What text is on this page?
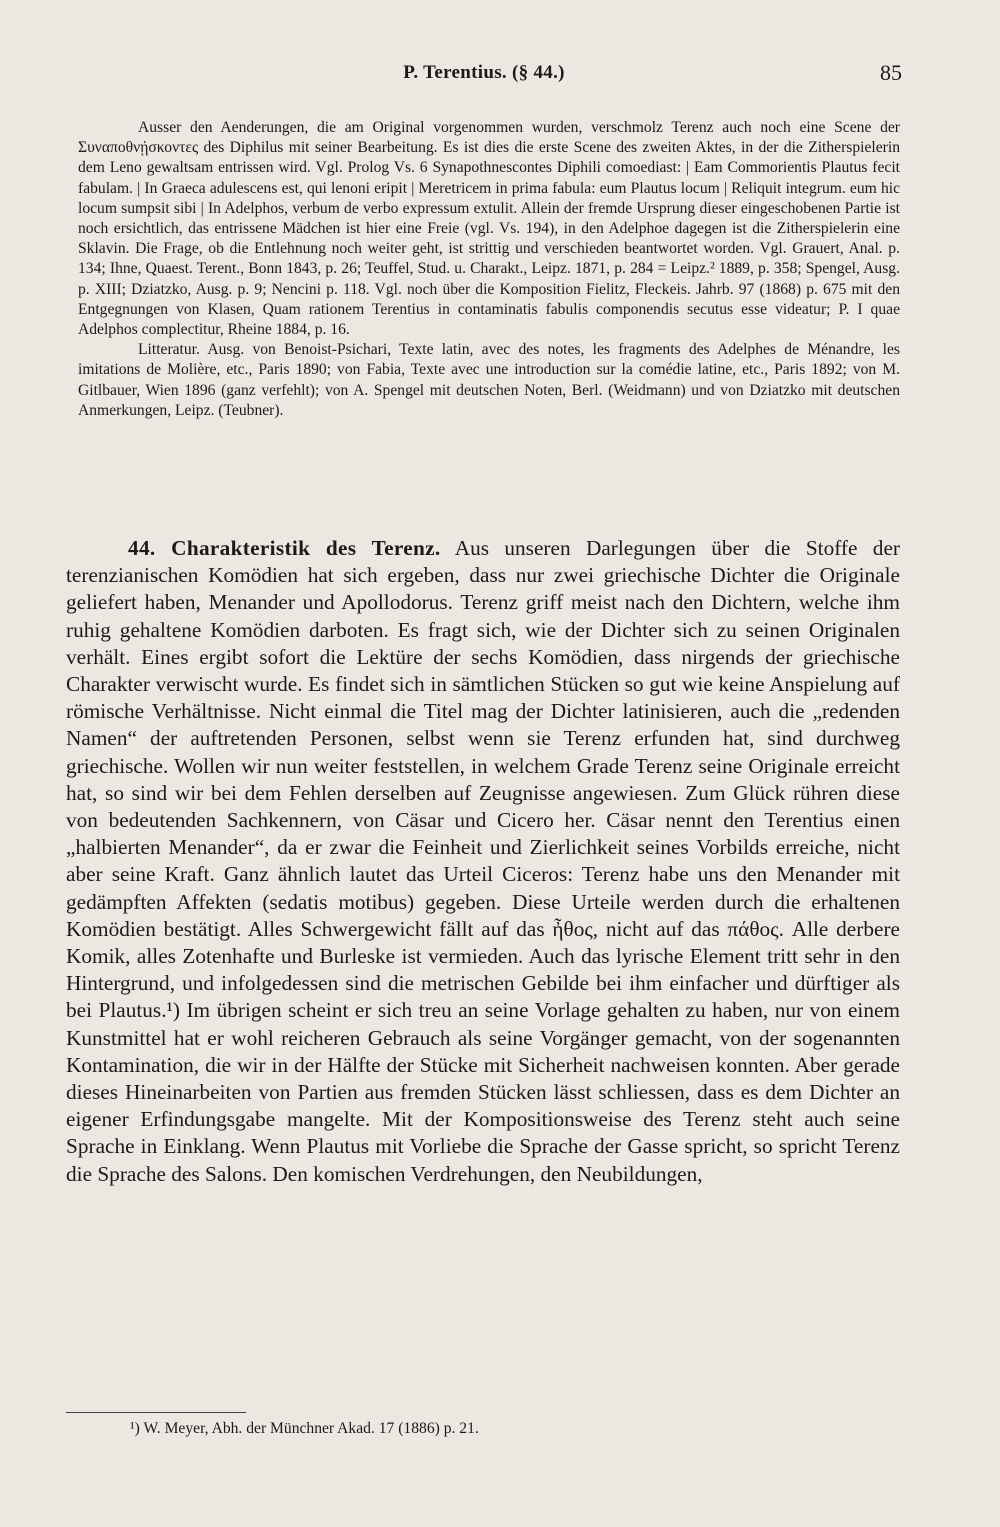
P. Terentius. (§ 44.)	85

Ausser den Aenderungen, die am Original vorgenommen wurden, verschmolz Terenz auch noch eine Scene der Συναποθνῄσκοντες des Diphilus mit seiner Bearbeitung. Es ist dies die erste Scene des zweiten Aktes, in der die Zitherspielerin dem Leno gewaltsam entrissen wird. Vgl. Prolog Vs. 6 Synapothnescontes Diphili comoediast: | Eam Commorientis Plautus fecit fabulam. | In Graeca adulescens est, qui lenoni eripit | Meretricem in prima fabula: eum Plautus locum | Reliquit integrum. eum hic locum sumpsit sibi | In Adelphos, verbum de verbo expressum extulit. Allein der fremde Ursprung dieser eingeschobenen Partie ist noch ersichtlich, das entrissene Mädchen ist hier eine Freie (vgl. Vs. 194), in den Adelphoe dagegen ist die Zitherspielerin eine Sklavin. Die Frage, ob die Entlehnung noch weiter geht, ist strittig und verschieden beantwortet worden. Vgl. Grauert, Anal. p. 134; Ihne, Quaest. Terent., Bonn 1843, p. 26; Teuffel, Stud. u. Charakt., Leipz. 1871, p. 284 = Leipz.² 1889, p. 358; Spengel, Ausg. p. XIII; Dziatzko, Ausg. p. 9; Nencini p. 118. Vgl. noch über die Komposition Fielitz, Fleckeis. Jahrb. 97 (1868) p. 675 mit den Entgegnungen von Klasen, Quam rationem Terentius in contaminatis fabulis componendis secutus esse videatur; P. I quae Adelphos complectitur, Rheine 1884, p. 16.

Litteratur. Ausg. von Benoist-Psichari, Texte latin, avec des notes, les fragments des Adelphes de Ménandre, les imitations de Molière, etc., Paris 1890; von Fabia, Texte avec une introduction sur la comédie latine, etc., Paris 1892; von M. Gitlbauer, Wien 1896 (ganz verfehlt); von A. Spengel mit deutschen Noten, Berl. (Weidmann) und von Dziatzko mit deutschen Anmerkungen, Leipz. (Teubner).

44. Charakteristik des Terenz. Aus unseren Darlegungen über die Stoffe der terenzianischen Komödien hat sich ergeben, dass nur zwei griechische Dichter die Originale geliefert haben, Menander und Apollodorus. Terenz griff meist nach den Dichtern, welche ihm ruhig gehaltene Komödien darboten. Es fragt sich, wie der Dichter sich zu seinen Originalen verhält. Eines ergibt sofort die Lektüre der sechs Komödien, dass nirgends der griechische Charakter verwischt wurde. Es findet sich in sämtlichen Stücken so gut wie keine Anspielung auf römische Verhältnisse. Nicht einmal die Titel mag der Dichter latinisieren, auch die „redenden Namen“ der auftretenden Personen, selbst wenn sie Terenz erfunden hat, sind durchweg griechische. Wollen wir nun weiter feststellen, in welchem Grade Terenz seine Originale erreicht hat, so sind wir bei dem Fehlen derselben auf Zeugnisse angewiesen. Zum Glück rühren diese von bedeutenden Sachkennern, von Cäsar und Cicero her. Cäsar nennt den Terentius einen „halbierten Menander“, da er zwar die Feinheit und Zierlichkeit seines Vorbilds erreiche, nicht aber seine Kraft. Ganz ähnlich lautet das Urteil Ciceros: Terenz habe uns den Menander mit gedämpften Affekten (sedatis motibus) gegeben. Diese Urteile werden durch die erhaltenen Komödien bestätigt. Alles Schwergewicht fällt auf das ἦθος, nicht auf das πάθος. Alle derbere Komik, alles Zotenhafte und Burleske ist vermieden. Auch das lyrische Element tritt sehr in den Hintergrund, und infolgedessen sind die metrischen Gebilde bei ihm einfacher und dürftiger als bei Plautus.¹) Im übrigen scheint er sich treu an seine Vorlage gehalten zu haben, nur von einem Kunstmittel hat er wohl reicheren Gebrauch als seine Vorgänger gemacht, von der sogenannten Kontamination, die wir in der Hälfte der Stücke mit Sicherheit nachweisen konnten. Aber gerade dieses Hineinarbeiten von Partien aus fremden Stücken lässt schliessen, dass es dem Dichter an eigener Erfindungsgabe mangelte. Mit der Kompositionsweise des Terenz steht auch seine Sprache in Einklang. Wenn Plautus mit Vorliebe die Sprache der Gasse spricht, so spricht Terenz die Sprache des Salons. Den komischen Verdrehungen, den Neubildungen,

¹) W. Meyer, Abh. der Münchner Akad. 17 (1886) p. 21.
